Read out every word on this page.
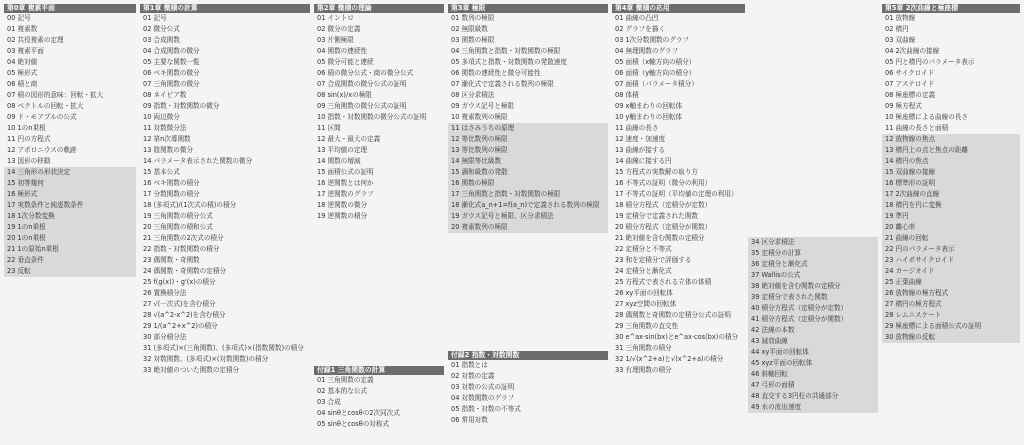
第0章 複素平面
00 記号
01 複素数
02 共役複素の定理
03 複素平面
04 絶対値
05 極形式
06 積と商
07 積の図形的意味：回転・拡大
08 ベクトルの回転・拡大
09 ド・モアブルの公式
10 1のn乗根
11 円の方程式
12 アポロニウスの軌跡
13 図形の移動
14 三角形の形状決定
15 初等幾何
16 極形式
17 実数条件と純虚数条件
18 1次分数変換
19 1のn乗根
20 1のn乗根
21 1の原始n乗根
22 垂直条件
23 反転
第1章 微積の計算
01 記号
02 微分公式
03 合成関数
04 合成関数の微分
05 主要な関数一覧
06 ベキ関数の微分
07 三角関数の微分
08 ネイピア数
09 指数・対数関数の微分
10 両辺微分
11 対数微分法
12 第n次導関数
13 陰関数の微分
14 パラメータ表示された関数の微分
15 基本公式
16 ベキ関数の積分
17 分数関数の積分
18 (多項式)/(1次式の積)の積分
19 三角関数の積分公式
20 三角関数の積和公式
21 三角関数の2次式の積分
22 指数・対数関数の積分
23 偶関数・奇関数
24 偶関数・奇関数の定積分
25 f(g(x))・g'(x)の積分
26 置換積分法
27 √(一次式)を含む積分
28 √(a^2-x^2)を含む積分
29 1/(a^2+x^2)の積分
30 部分積分法
31 (多項式)×(三角関数)、(多項式)×(指数関数)の積分
32 対数関数、(多項式)×(対数関数)の積分
33 絶対値のついた関数の定積分
第2章 微積の理論
01 イントロ
02 微分の定義
03 片側極限
04 関数の連続性
05 微分可能と連続
06 積の微分公式・商の微分公式
07 合成関数の微分公式の証明
08 sin(x)/xの極限
09 三角関数の微分公式の証明
10 指数・対数関数の微分公式の証明
11 区間
12 最大・最大の定義
13 平均値の定理
14 関数の増減
15 面積公式の証明
16 逆関数とは何か
17 逆関数のグラフ
18 逆関数の微分
19 逆関数の積分
第3章 極限
01 数列の極限
02 無限級数
03 関数の極限
04 三角関数と指数・対数関数の極限
05 多項式と指数・対数関数の発散速度
06 関数の連続性と微分可能性
07 漸化式で定義される数列の極限
08 区分求積法
09 ガウス記号と極限
10 複素数列の極限
11 はさみうちの原理
12 等比数列の極限
13 等比数列の極限
14 無限等比級数
15 調和級数の発散
16 関数の極限
17 三角関数と指数・対数関数の極限
18 漸化式a_n+1=f(a_n)で定義される数列の極限
19 ガウス記号と極限、区分求積法
20 複素数列の極限
第4章 微積の応用
01 曲線の凸凹
02 グラフを描く
03 1次分数関数のグラフ
04 無理関数のグラフ
05 面積（x軸方向の積分）
06 面積（y軸方向の積分）
07 面積（パラメータ積分）
08 体積
09 x軸まわりの回転体
10 y軸まわりの回転体
11 曲線の長さ
12 速度・加速度
13 曲線が接する
14 曲線に接する円
15 方程式の実数解の取り方
16 不等式の証明（微分の利用）
17 不等式の証明（平均値の定理の利用）
18 積分方程式（定積分が定数）
19 定積分で定義された関数
20 積分方程式（定積分が関数）
21 絶対値を含む関数の定積分
22 定積分と不等式
23 和を定積分で評価する
24 定積分と漸化式
25 方程式で表される立体の体積
26 xy平面の回転体
27 xyz空間の回転体
28 偶関数と奇関数の定積分公式の証明
29 三角関数の直交性
30 e^ax·sin(bx)とe^ax·cos(bx)の積分
31 三角関数の積分
32 1/√(x^2+a)と√(x^2+a)の積分
33 有理関数の積分
34 区分求積法
35 定積分の計算
36 定積分と漸化式
37 Wallisの公式
38 絶対値を含む関数の定積分
39 定積分で表された関数
40 積分方程式（定積分が定数）
41 積分方程式（定積分が関数）
42 法線の本数
43 減衰曲線
44 xy平面の回転体
45 xyz平面の回転体
46 斜軸回転
47 弓形の面積
48 直交する3円柱の共通部分
49 水の流出速度
第5章 2次曲線と極座標
01 放物線
02 楕円
03 双曲線
04 2次曲線の接線
05 円と楕円のパラメータ表示
06 サイクロイド
07 アステロイド
08 極座標の定義
09 極方程式
10 極座標による曲線の長さ
11 曲線の長さと面積
12 放物線の焦点
13 楕円上の点と焦点の距離
14 楕円の焦点
15 双曲線の接線
16 標準形の証明
17 2次曲線の直線
18 楕円を円に変換
19 準円
20 離心率
21 曲線の回転
22 円のパラメータ表示
23 ハイポサイクロイド
24 カージオイド
25 正葉曲線
26 放物線の極方程式
27 楕円の極方程式
28 レムニスケート
29 極座標による面積公式の証明
30 放物線の反転
付録1 三角関数の計算
01 三角関数の定義
02 基本的な公式
03 合成
04 sinθとcosθの2次同次式
05 sinθとcosθの対称式
付録2 指数・対数関数
01 指数とは
02 対数の定義
03 対数の公式の証明
04 対数関数のグラフ
05 指数・対数の不等式
06 常用対数
